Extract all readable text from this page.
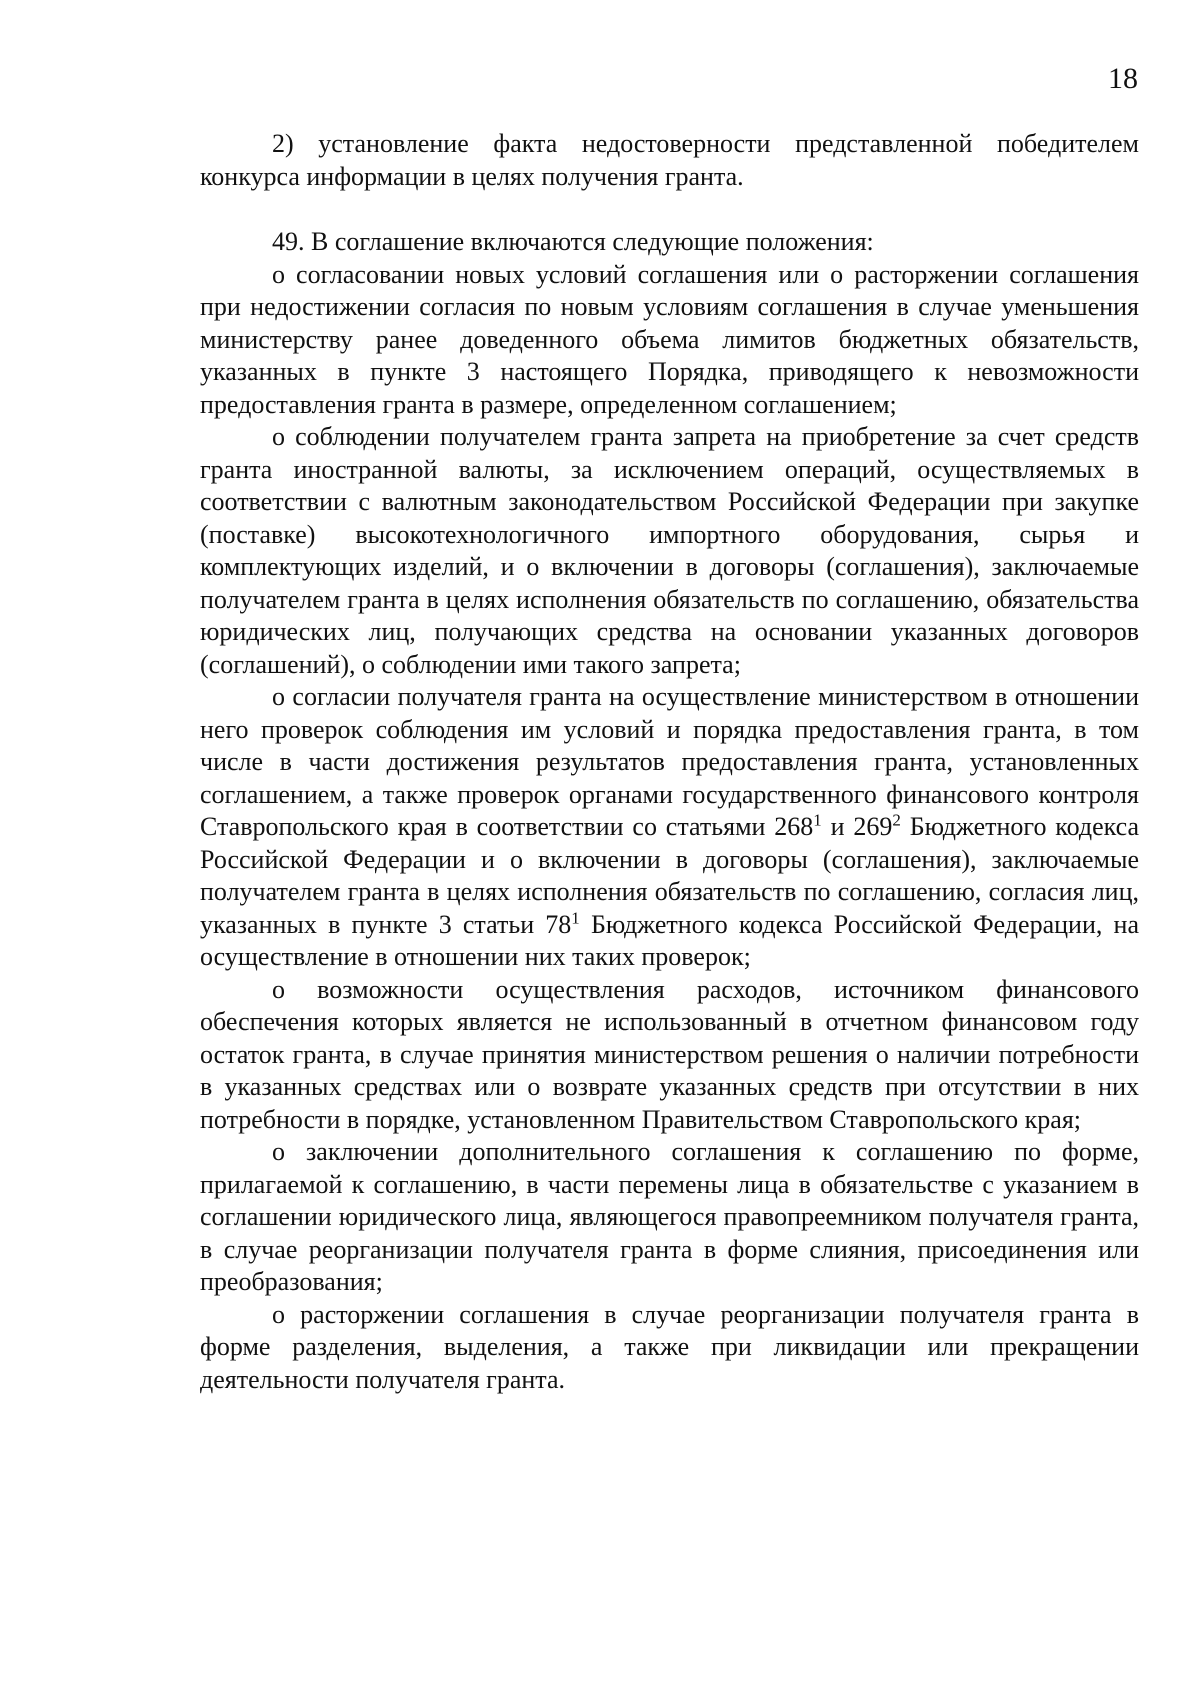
18

2) установление факта недостоверности представленной победителем конкурса информации в целях получения гранта.

49. В соглашение включаются следующие положения:

о согласовании новых условий соглашения или о расторжении соглашения при недостижении согласия по новым условиям соглашения в случае уменьшения министерству ранее доведенного объема лимитов бюджетных обязательств, указанных в пункте 3 настоящего Порядка, приводящего к невозможности предоставления гранта в размере, определенном соглашением;

о соблюдении получателем гранта запрета на приобретение за счет средств гранта иностранной валюты, за исключением операций, осуществляемых в соответствии с валютным законодательством Российской Федерации при закупке (поставке) высокотехнологичного импортного оборудования, сырья и комплектующих изделий, и о включении в договоры (соглашения), заключаемые получателем гранта в целях исполнения обязательств по соглашению, обязательства юридических лиц, получающих средства на основании указанных договоров (соглашений), о соблюдении ими такого запрета;

о согласии получателя гранта на осуществление министерством в отношении него проверок соблюдения им условий и порядка предоставления гранта, в том числе в части достижения результатов предоставления гранта, установленных соглашением, а также проверок органами государственного финансового контроля Ставропольского края в соответствии со статьями $268^1$ и $269^2$ Бюджетного кодекса Российской Федерации и о включении в договоры (соглашения), заключаемые получателем гранта в целях исполнения обязательств по соглашению, согласия лиц, указанных в пункте 3 статьи $78^1$ Бюджетного кодекса Российской Федерации, на осуществление в отношении них таких проверок;

о возможности осуществления расходов, источником финансового обеспечения которых является не использованный в отчетном финансовом году остаток гранта, в случае принятия министерством решения о наличии потребности в указанных средствах или о возврате указанных средств при отсутствии в них потребности в порядке, установленном Правительством Ставропольского края;

о заключении дополнительного соглашения к соглашению по форме, прилагаемой к соглашению, в части перемены лица в обязательстве с указанием в соглашении юридического лица, являющегося правопреемником получателя гранта, в случае реорганизации получателя гранта в форме слияния, присоединения или преобразования;

о расторжении соглашения в случае реорганизации получателя гранта в форме разделения, выделения, а также при ликвидации или прекращении деятельности получателя гранта.
